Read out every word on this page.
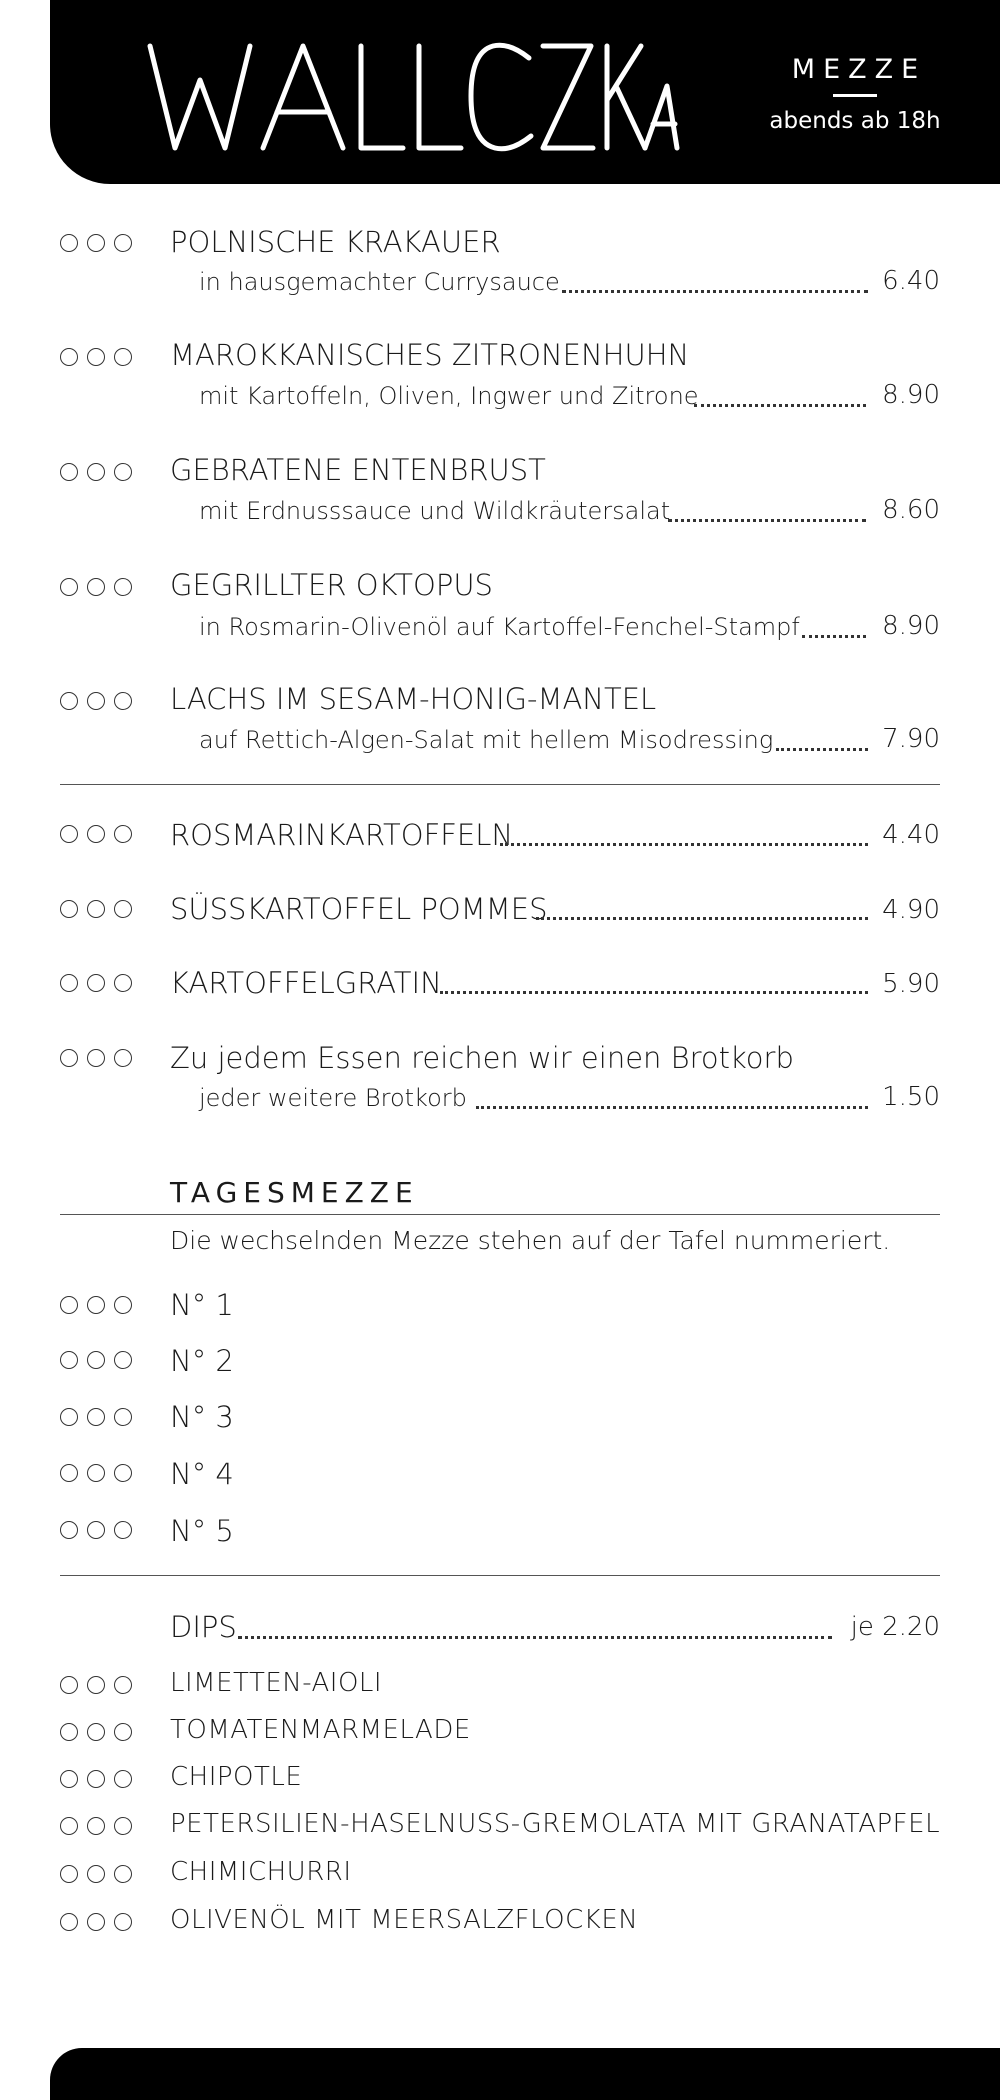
MEZZE
abends ab 18h
POLNISCHE KRAKAUER
in hausgemachter Currysauce	6.40
MAROKKANISCHES ZITRONENHUHN
mit Kartoffeln, Oliven, Ingwer und Zitrone	8.90
GEBRATENE ENTENBRUST
mit Erdnusssauce und Wildkräutersalat	8.60
GEGRILLTER OKTOPUS
in Rosmarin-Olivenöl auf Kartoffel-Fenchel-Stampf	8.90
LACHS IM SESAM-HONIG-MANTEL
auf Rettich-Algen-Salat mit hellem Misodressing	7.90
ROSMARINKARTOFFELN	4.40
SÜSSKARTOFFEL POMMES	4.90
KARTOFFELGRATIN	5.90
Zu jedem Essen reichen wir einen Brotkorb
jeder weitere Brotkorb	1.50
TAGESMEZZE
Die wechselnden Mezze stehen auf der Tafel nummeriert.
N° 1
N° 2
N° 3
N° 4
N° 5
DIPS	je 2.20
LIMETTEN-AIOLI
TOMATENMARMELADE
CHIPOTLE
PETERSILIEN-HASELNUSS-GREMOLATA MIT GRANATAPFEL
CHIMICHURRI
OLIVENÖL MIT MEERSALZFLOCKEN
